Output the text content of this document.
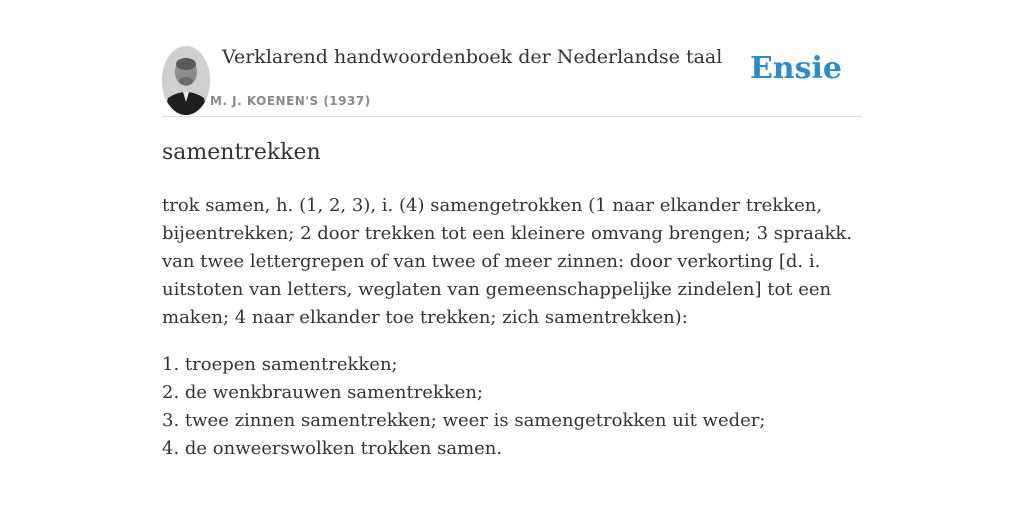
Verklarend handwoordenboek der Nederlandse taal
M. J. KOENEN'S (1937)
Ensie
samentrekken

trok samen, h. (1, 2, 3), i. (4) samengetrokken (1 naar elkander trekken, bijeentrekken; 2 door trekken tot een kleinere omvang brengen; 3 spraakk. van twee lettergrepen of van twee of meer zinnen: door verkorting [d. i. uitstoten van letters, weglaten van gemeenschappelijke zindelen] tot een maken; 4 naar elkander toe trekken; zich samentrekken):

1. troepen samentrekken;
2. de wenkbrauwen samentrekken;
3. twee zinnen samentrekken; weer is samengetrokken uit weder;
4. de onweerswolken trokken samen.
